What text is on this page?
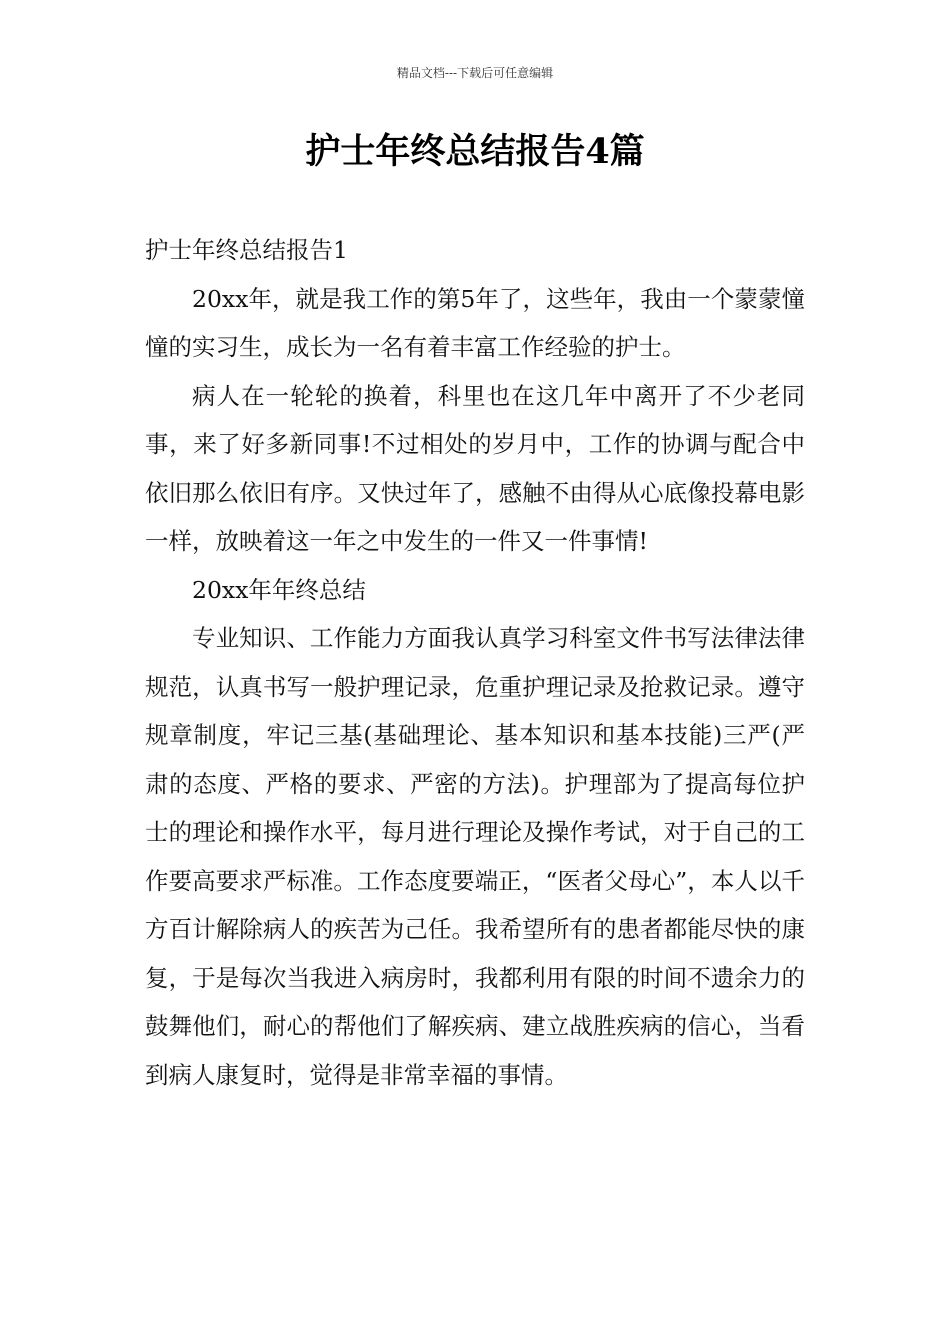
精品文档---下载后可任意编辑
护士年终总结报告4篇

护士年终总结报告1

20xx年，就是我工作的第5年了，这些年，我由一个蒙蒙憧憧的实习生，成长为一名有着丰富工作经验的护士。

病人在一轮轮的换着，科里也在这几年中离开了不少老同事，来了好多新同事!不过相处的岁月中，工作的协调与配合中依旧那么依旧有序。又快过年了，感触不由得从心底像投幕电影一样，放映着这一年之中发生的一件又一件事情!

20xx年年终总结

专业知识、工作能力方面我认真学习科室文件书写法律法律规范，认真书写一般护理记录，危重护理记录及抢救记录。遵守规章制度，牢记三基(基础理论、基本知识和基本技能)三严(严肃的态度、严格的要求、严密的方法)。护理部为了提高每位护士的理论和操作水平，每月进行理论及操作考试，对于自己的工作要高要求严标准。工作态度要端正，“医者父母心”，本人以千方百计解除病人的疾苦为己任。我希望所有的患者都能尽快的康复，于是每次当我进入病房时，我都利用有限的时间不遗余力的鼓舞他们，耐心的帮他们了解疾病、建立战胜疾病的信心，当看到病人康复时，觉得是非常幸福的事情。
